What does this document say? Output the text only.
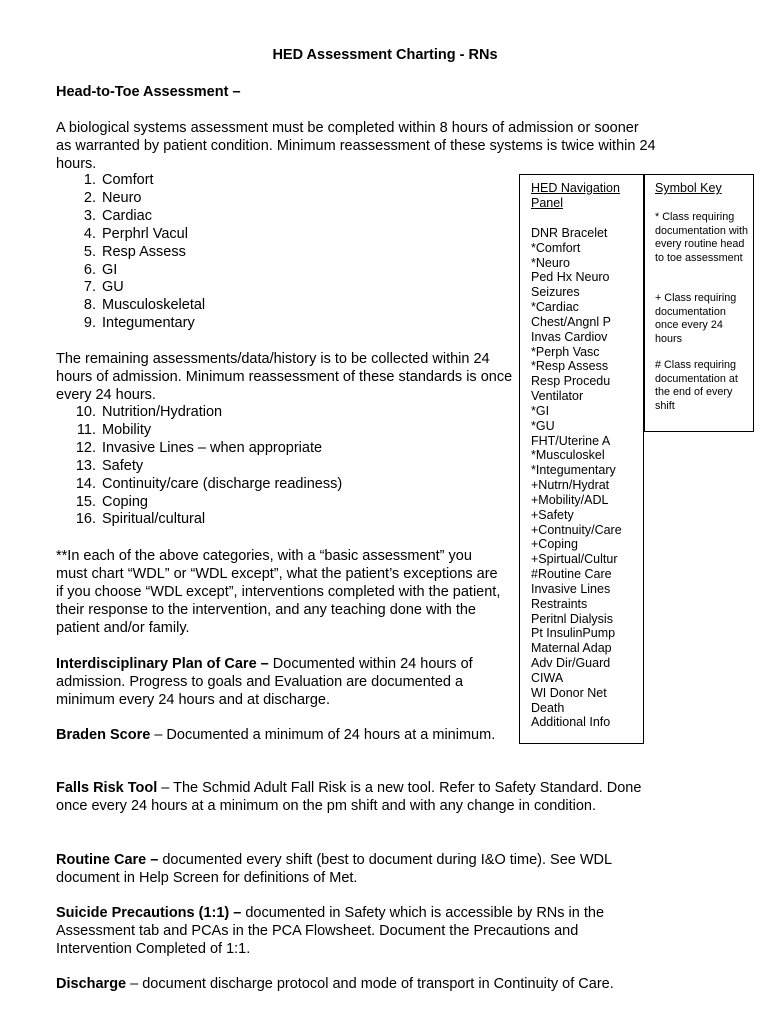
HED Assessment Charting - RNs
Head-to-Toe Assessment –
A biological systems assessment must be completed within 8 hours of admission or sooner as warranted by patient condition. Minimum reassessment of these systems is twice within 24 hours.
1. Comfort
2. Neuro
3. Cardiac
4. Perphrl Vacul
5. Resp Assess
6. GI
7. GU
8. Musculoskeletal
9. Integumentary
The remaining assessments/data/history is to be collected within 24 hours of admission. Minimum reassessment of these standards is once every 24 hours.
10. Nutrition/Hydration
11. Mobility
12. Invasive Lines – when appropriate
13. Safety
14. Continuity/care (discharge readiness)
15. Coping
16. Spiritual/cultural
**In each of the above categories, with a “basic assessment” you must chart “WDL” or “WDL except”, what the patient’s exceptions are if you choose “WDL except”, interventions completed with the patient, their response to the intervention, and any teaching done with the patient and/or family.
Interdisciplinary Plan of Care – Documented within 24 hours of admission. Progress to goals and Evaluation are documented a minimum every 24 hours and at discharge.
Braden Score – Documented a minimum of 24 hours at a minimum.
Falls Risk Tool – The Schmid Adult Fall Risk is a new tool. Refer to Safety Standard. Done once every 24 hours at a minimum on the pm shift and with any change in condition.
Routine Care – documented every shift (best to document during I&O time). See WDL document in Help Screen for definitions of Met.
Suicide Precautions (1:1) – documented in Safety which is accessible by RNs in the Assessment tab and PCAs in the PCA Flowsheet. Document the Precautions and Intervention Completed of 1:1.
Discharge – document discharge protocol and mode of transport in Continuity of Care.
HED Navigation Panel
DNR Bracelet
*Comfort
*Neuro
Ped Hx Neuro
Seizures
*Cardiac
Chest/Angnl P
Invas Cardiov
*Perph Vasc
*Resp Assess
Resp Procedu
Ventilator
*GI
*GU
FHT/Uterine A
*Musculoskel
*Integumentary
+Nutrn/Hydrat
+Mobility/ADL
+Safety
+Contnuity/Care
+Coping
+Spirtual/Cultur
#Routine Care
Invasive Lines
Restraints
Peritnl Dialysis
Pt InsulinPump
Maternal Adap
Adv Dir/Guard
CIWA
WI Donor Net
Death
Additional Info
Symbol Key
* Class requiring documentation with every routine head to toe assessment
+ Class requiring documentation once every 24 hours
# Class requiring documentation at the end of every shift
